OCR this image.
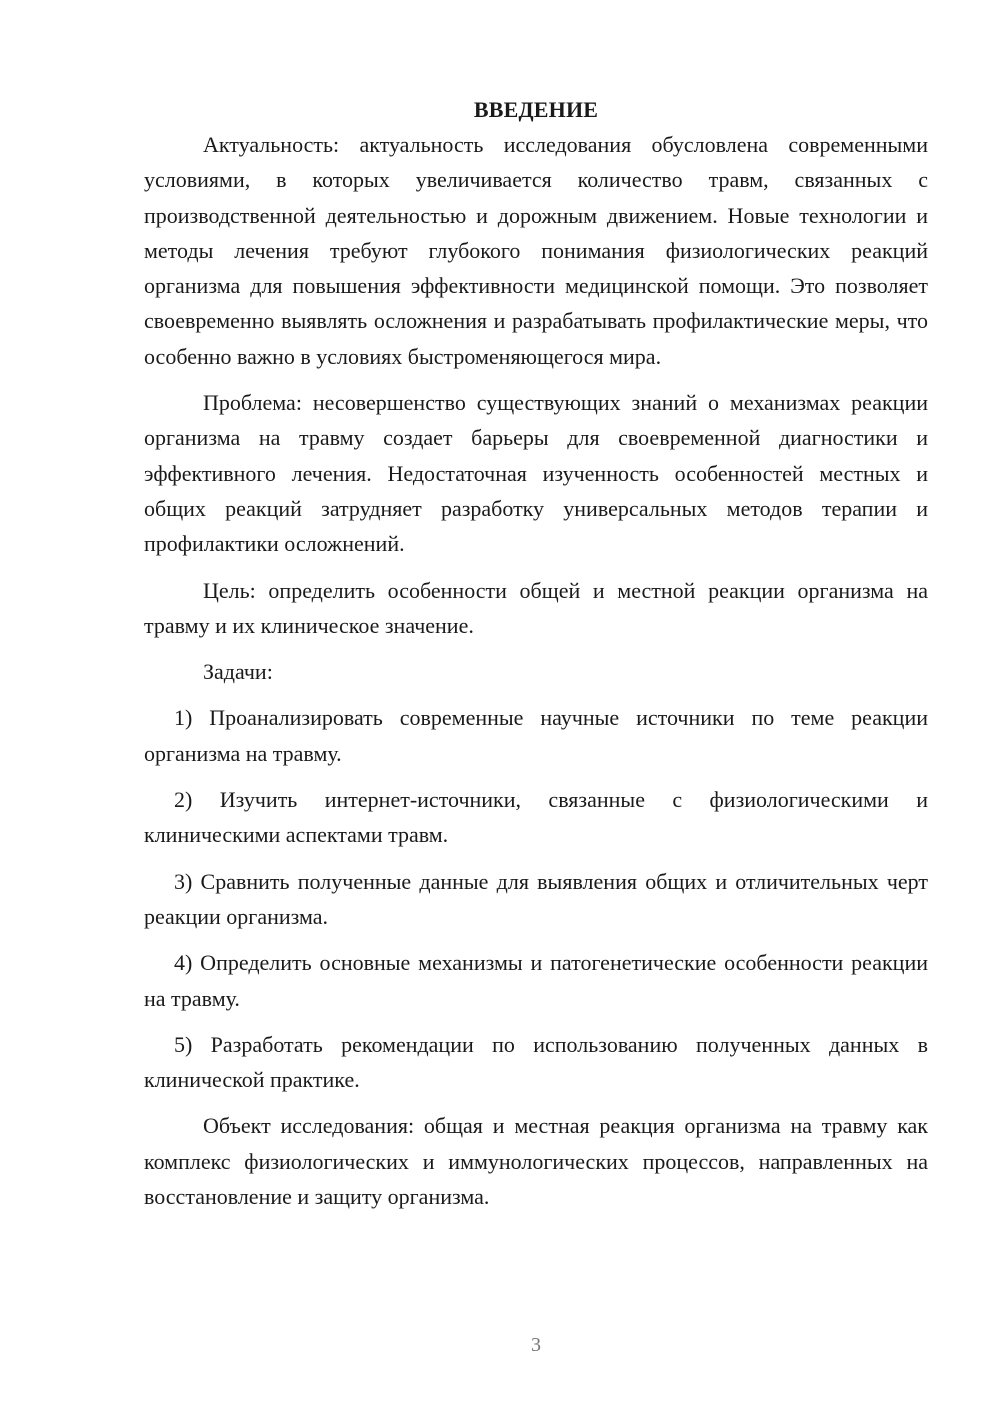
ВВЕДЕНИЕ

Актуальность: актуальность исследования обусловлена современными условиями, в которых увеличивается количество травм, связанных с производственной деятельностью и дорожным движением. Новые технологии и методы лечения требуют глубокого понимания физиологических реакций организма для повышения эффективности медицинской помощи. Это позволяет своевременно выявлять осложнения и разрабатывать профилактические меры, что особенно важно в условиях быстроменяющегося мира.

Проблема: несовершенство существующих знаний о механизмах реакции организма на травму создает барьеры для своевременной диагностики и эффективного лечения. Недостаточная изученность особенностей местных и общих реакций затрудняет разработку универсальных методов терапии и профилактики осложнений.

Цель: определить особенности общей и местной реакции организма на травму и их клиническое значение.

Задачи:

1) Проанализировать современные научные источники по теме реакции организма на травму.

2) Изучить интернет-источники, связанные с физиологическими и клиническими аспектами травм.

3) Сравнить полученные данные для выявления общих и отличительных черт реакции организма.

4) Определить основные механизмы и патогенетические особенности реакции на травму.

5) Разработать рекомендации по использованию полученных данных в клинической практике.

Объект исследования: общая и местная реакция организма на травму как комплекс физиологических и иммунологических процессов, направленных на восстановление и защиту организма.

3
